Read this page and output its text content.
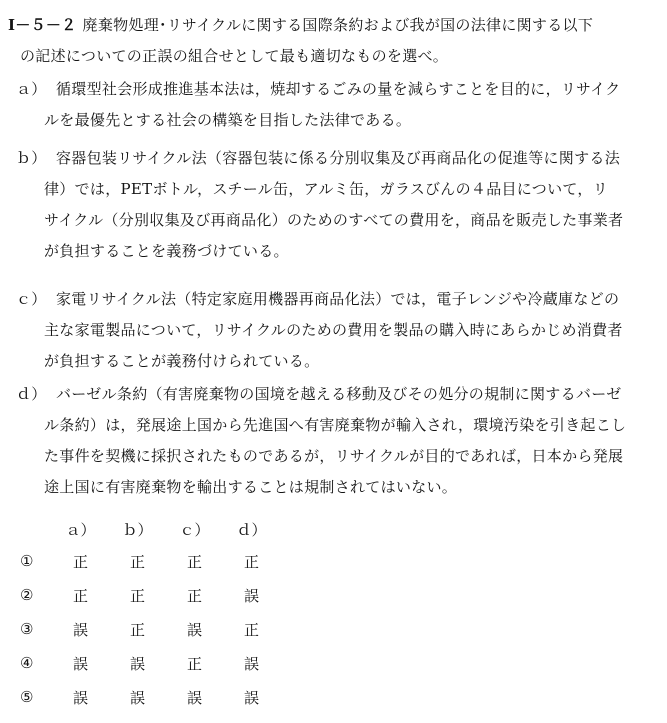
Ⅰ－５－２ 廃棄物処理･リサイクルに関する国際条約および我が国の法律に関する以下
の記述についての正誤の組合せとして最も適切なものを選べ。
ａ） 循環型社会形成推進基本法は，焼却するごみの量を減らすことを目的に，リサイク
ルを最優先とする社会の構築を目指した法律である。
ｂ） 容器包装リサイクル法（容器包装に係る分別収集及び再商品化の促進等に関する法
律）では，PETボトル，スチール缶，アルミ缶，ガラスびんの４品目について，リ
サイクル（分別収集及び再商品化）のためのすべての費用を，商品を販売した事業者
が負担することを義務づけている。
ｃ） 家電リサイクル法（特定家庭用機器再商品化法）では，電子レンジや冷蔵庫などの
主な家電製品について，リサイクルのための費用を製品の購入時にあらかじめ消費者
が負担することが義務付けられている。
ｄ） バーゼル条約（有害廃棄物の国境を越える移動及びその処分の規制に関するバーゼ
ル条約）は，発展途上国から先進国へ有害廃棄物が輸入され，環境汚染を引き起こし
た事件を契機に採択されたものであるが，リサイクルが目的であれば，日本から発展
途上国に有害廃棄物を輸出することは規制されてはいない。
	ａ）	ｂ）	ｃ）	ｄ）
①	正	正	正	正
②	正	正	正	誤
③	誤	正	誤	正
④	誤	誤	正	誤
⑤	誤	誤	誤	誤
